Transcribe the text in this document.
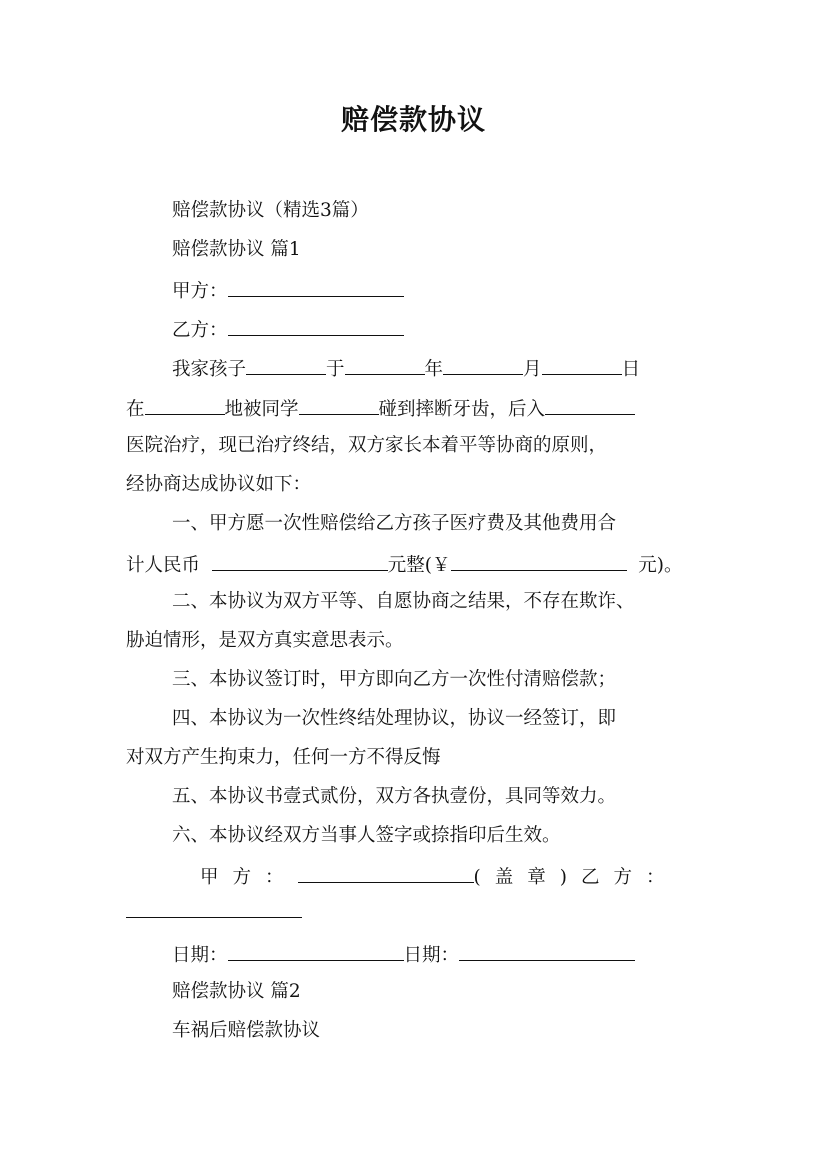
赔偿款协议
赔偿款协议（精选3篇）
赔偿款协议 篇1
甲方：
乙方：
我家孩子	于	年	月	日
在	地被同学	碰到摔断牙齿，后入
医院治疗，现已治疗终结，双方家长本着平等协商的原则，
经协商达成协议如下：
一、甲方愿一次性赔偿给乙方孩子医疗费及其他费用合
计人民币	元整(￥	元)。
二、本协议为双方平等、自愿协商之结果，不存在欺诈、
胁迫情形，是双方真实意思表示。
三、本协议签订时，甲方即向乙方一次性付清赔偿款；
四、本协议为一次性终结处理协议，协议一经签订，即
对双方产生拘束力，任何一方不得反悔
五、本协议书壹式贰份，双方各执壹份，具同等效力。
六、本协议经双方当事人签字或捺指印后生效。
甲方：	(盖章)乙方：
日期：	日期：
赔偿款协议 篇2
车祸后赔偿款协议
